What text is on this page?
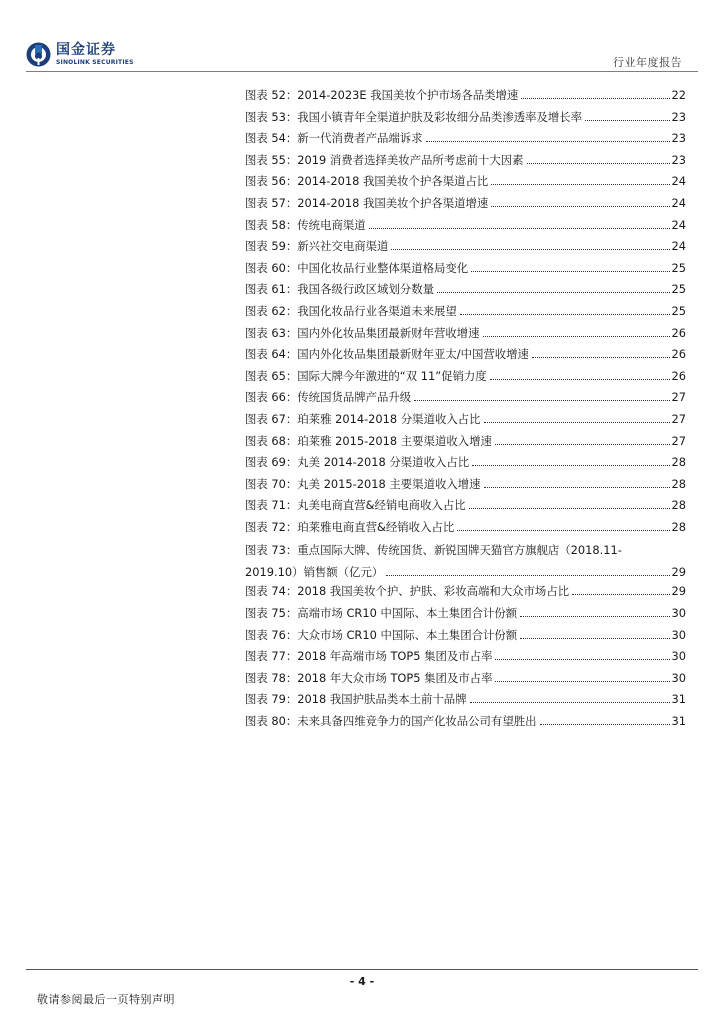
国金证券
SINOLINK SECURITIES	行业年度报告
图表 52：2014-2023E 我国美妆个护市场各品类增速	22
图表 53：我国小镇青年全渠道护肤及彩妆细分品类渗透率及增长率	23
图表 54：新一代消费者产品端诉求	23
图表 55：2019 消费者选择美妆产品所考虑前十大因素	23
图表 56：2014-2018 我国美妆个护各渠道占比	24
图表 57：2014-2018 我国美妆个护各渠道增速	24
图表 58：传统电商渠道	24
图表 59：新兴社交电商渠道	24
图表 60：中国化妆品行业整体渠道格局变化	25
图表 61：我国各级行政区域划分数量	25
图表 62：我国化妆品行业各渠道未来展望	25
图表 63：国内外化妆品集团最新财年营收增速	26
图表 64：国内外化妆品集团最新财年亚太/中国营收增速	26
图表 65：国际大牌今年激进的“双 11”促销力度	26
图表 66：传统国货品牌产品升级	27
图表 67：珀莱雅 2014-2018 分渠道收入占比	27
图表 68：珀莱雅 2015-2018 主要渠道收入增速	27
图表 69：丸美 2014-2018 分渠道收入占比	28
图表 70：丸美 2015-2018 主要渠道收入增速	28
图表 71：丸美电商直营&经销电商收入占比	28
图表 72：珀莱雅电商直营&经销收入占比	28
图表 73：重点国际大牌、传统国货、新锐国牌天猫官方旗舰店（2018.11-
2019.10）销售额（亿元）	29
图表 74：2018 我国美妆个护、护肤、彩妆高端和大众市场占比	29
图表 75：高端市场 CR10 中国际、本土集团合计份额	30
图表 76：大众市场 CR10 中国际、本土集团合计份额	30
图表 77：2018 年高端市场 TOP5 集团及市占率	30
图表 78：2018 年大众市场 TOP5 集团及市占率	30
图表 79：2018 我国护肤品类本土前十品牌	31
图表 80：未来具备四维竞争力的国产化妆品公司有望胜出	31
- 4 -
敬请参阅最后一页特别声明
